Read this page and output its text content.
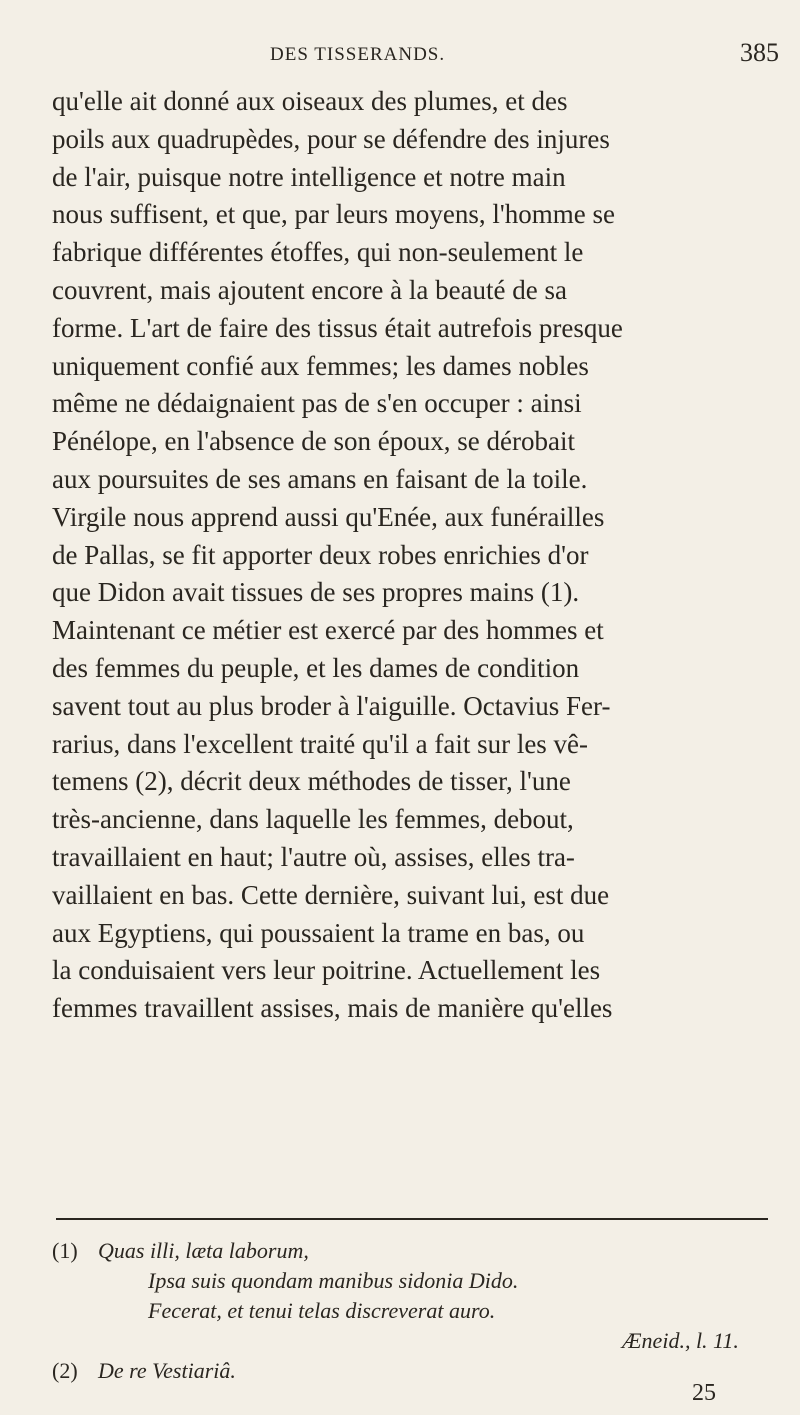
DES TISSERANDS.	385

qu'elle ait donné aux oiseaux des plumes, et des
poils aux quadrupèdes, pour se défendre des injures
de l'air, puisque notre intelligence et notre main
nous suffisent, et que, par leurs moyens, l'homme se
fabrique différentes étoffes, qui non-seulement le
couvrent, mais ajoutent encore à la beauté de sa
forme. L'art de faire des tissus était autrefois presque
uniquement confié aux femmes; les dames nobles
même ne dédaignaient pas de s'en occuper : ainsi
Pénélope, en l'absence de son époux, se dérobait
aux poursuites de ses amans en faisant de la toile.
Virgile nous apprend aussi qu'Enée, aux funérailles
de Pallas, se fit apporter deux robes enrichies d'or
que Didon avait tissues de ses propres mains (1).
Maintenant ce métier est exercé par des hommes et
des femmes du peuple, et les dames de condition
savent tout au plus broder à l'aiguille. Octavius Fer-
rarius, dans l'excellent traité qu'il a fait sur les vê-
temens (2), décrit deux méthodes de tisser, l'une
très-ancienne, dans laquelle les femmes, debout,
travaillaient en haut; l'autre où, assises, elles tra-
vaillaient en bas. Cette dernière, suivant lui, est due
aux Egyptiens, qui poussaient la trame en bas, ou
la conduisaient vers leur poitrine. Actuellement les
femmes travaillent assises, mais de manière qu'elles

(1) Quas illi, læta laborum,
Ipsa suis quondam manibus sidonia Dido.
Fecerat, et tenui telas discreverat auro.
Æneid., l. 11.
(2) De re Vestiariâ.
25
